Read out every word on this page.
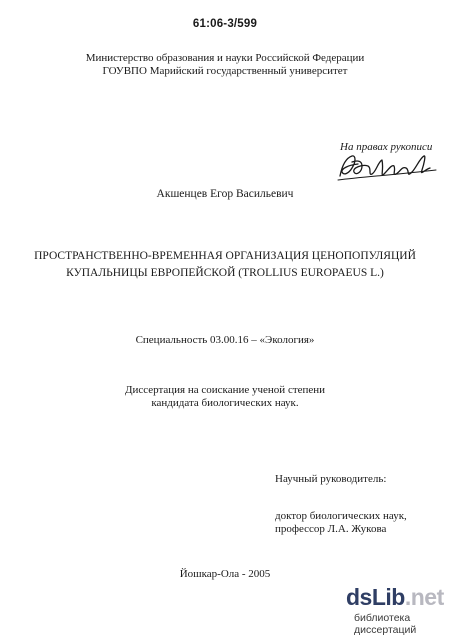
61:06-3/599
Министерство образования и науки Российской Федерации
ГОУВПО Марийский государственный университет
На правах рукописи
Акшенцев Егор Васильевич
ПРОСТРАНСТВЕННО-ВРЕМЕННАЯ ОРГАНИЗАЦИЯ ЦЕНОПОПУЛЯЦИЙ
КУПАЛЬНИЦЫ ЕВРОПЕЙСКОЙ (TROLLIUS EUROPAEUS L.)
Специальность 03.00.16 – «Экология»
Диссертация на соискание ученой степени
кандидата биологических наук.
Научный руководитель:
доктор биологических наук,
профессор Л.А. Жукова
Йошкар-Ола - 2005
dsLib.net
библиотека диссертаций
